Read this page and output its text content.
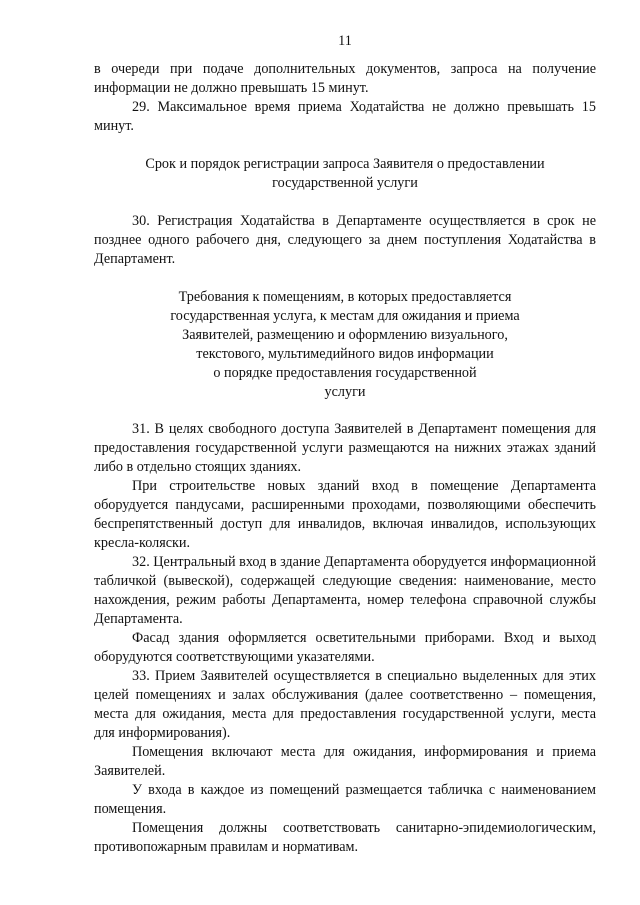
11

в очереди при подаче дополнительных документов, запроса на получение информации не должно превышать 15 минут.

29. Максимальное время приема Ходатайства не должно превышать 15 минут.

Срок и порядок регистрации запроса Заявителя о предоставлении
государственной услуги

30. Регистрация Ходатайства в Департаменте осуществляется в срок не позднее одного рабочего дня, следующего за днем поступления Ходатайства в Департамент.

Требования к помещениям, в которых предоставляется
государственная услуга, к местам для ожидания и приема
Заявителей, размещению и оформлению визуального,
текстового, мультимедийного видов информации
о порядке предоставления государственной
услуги

31. В целях свободного доступа Заявителей в Департамент помещения для предоставления государственной услуги размещаются на нижних этажах зданий либо в отдельно стоящих зданиях.

При строительстве новых зданий вход в помещение Департамента оборудуется пандусами, расширенными проходами, позволяющими обеспечить беспрепятственный доступ для инвалидов, включая инвалидов, использующих кресла-коляски.

32. Центральный вход в здание Департамента оборудуется информационной табличкой (вывеской), содержащей следующие сведения: наименование, место нахождения, режим работы Департамента, номер телефона справочной службы Департамента.

Фасад здания оформляется осветительными приборами. Вход и выход оборудуются соответствующими указателями.

33. Прием Заявителей осуществляется в специально выделенных для этих целей помещениях и залах обслуживания (далее соответственно – помещения, места для ожидания, места для предоставления государственной услуги, места для информирования).

Помещения включают места для ожидания, информирования и приема Заявителей.

У входа в каждое из помещений размещается табличка с наименованием помещения.

Помещения должны соответствовать санитарно-эпидемиологическим, противопожарным правилам и нормативам.
